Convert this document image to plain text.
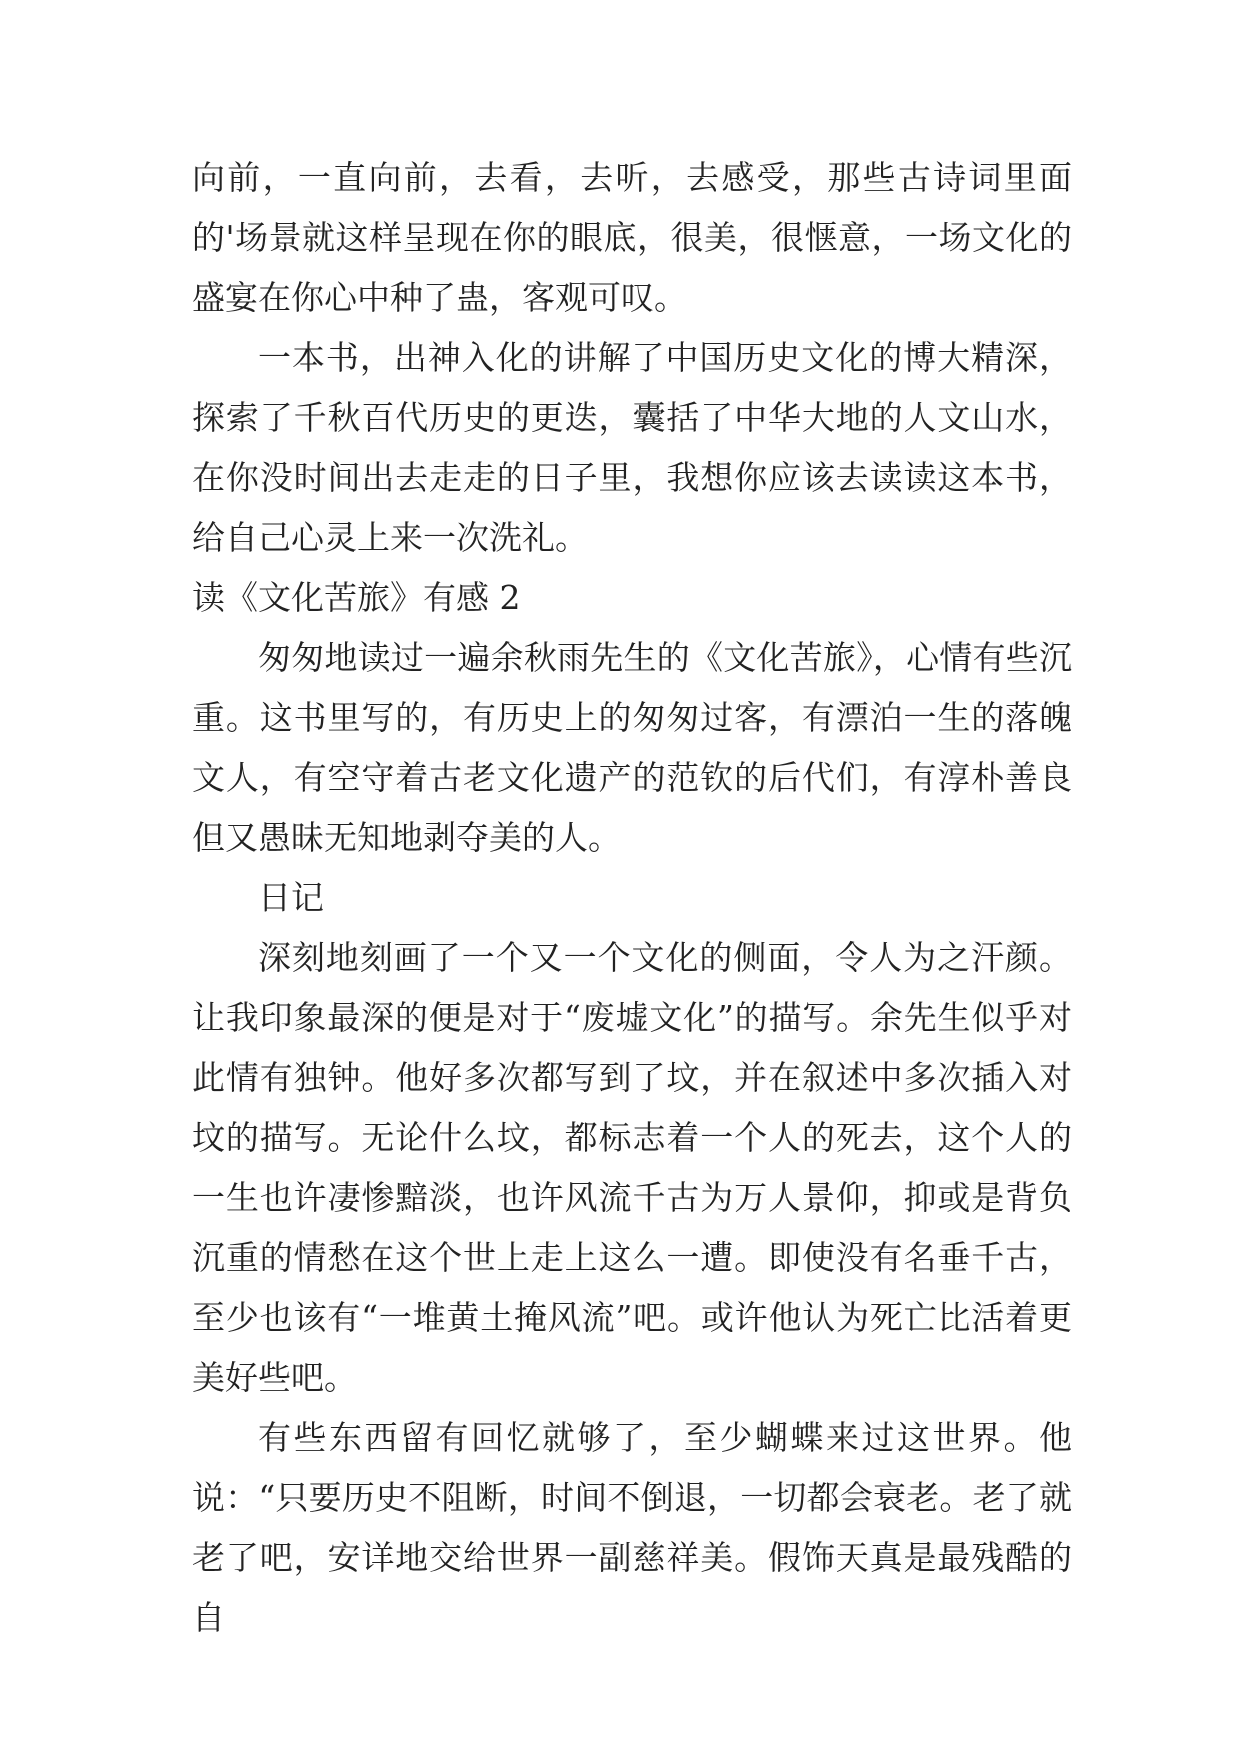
向前，一直向前，去看，去听，去感受，那些古诗词里面的'场景就这样呈现在你的眼底，很美，很惬意，一场文化的盛宴在你心中种了蛊，客观可叹。

一本书，出神入化的讲解了中国历史文化的博大精深，探索了千秋百代历史的更迭，囊括了中华大地的人文山水，在你没时间出去走走的日子里，我想你应该去读读这本书，给自己心灵上来一次洗礼。

读《文化苦旅》有感 2

匆匆地读过一遍余秋雨先生的《文化苦旅》，心情有些沉重。这书里写的，有历史上的匆匆过客，有漂泊一生的落魄文人，有空守着古老文化遗产的范钦的后代们，有淳朴善良但又愚昧无知地剥夺美的人。

日记

深刻地刻画了一个又一个文化的侧面，令人为之汗颜。让我印象最深的便是对于“废墟文化”的描写。余先生似乎对此情有独钟。他好多次都写到了坟，并在叙述中多次插入对坟的描写。无论什么坟，都标志着一个人的死去，这个人的一生也许凄惨黯淡，也许风流千古为万人景仰，抑或是背负沉重的情愁在这个世上走上这么一遭。即使没有名垂千古，至少也该有“一堆黄土掩风流”吧。或许他认为死亡比活着更美好些吧。

有些东西留有回忆就够了，至少蝴蝶来过这世界。他说：“只要历史不阻断，时间不倒退，一切都会衰老。老了就老了吧，安详地交给世界一副慈祥美。假饰天真是最残酷的自
